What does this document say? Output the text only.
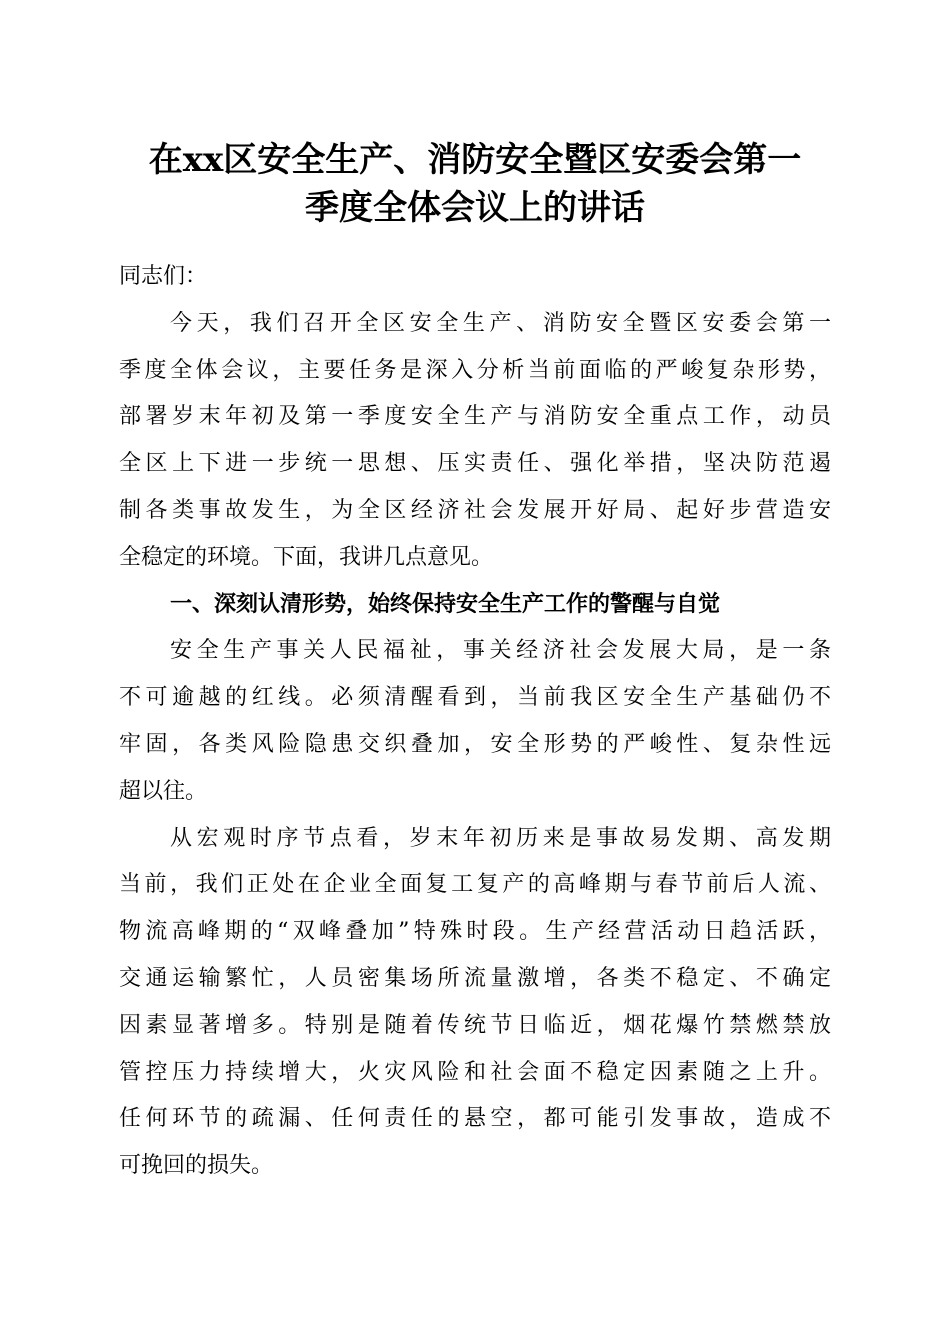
在xx区安全生产、消防安全暨区安委会第一
季度全体会议上的讲话
同志们：
今天，我们召开全区安全生产、消防安全暨区安委会第一
季度全体会议，主要任务是深入分析当前面临的严峻复杂形势，
部署岁末年初及第一季度安全生产与消防安全重点工作，动员
全区上下进一步统一思想、压实责任、强化举措，坚决防范遏
制各类事故发生，为全区经济社会发展开好局、起好步营造安
全稳定的环境。下面，我讲几点意见。
一、深刻认清形势，始终保持安全生产工作的警醒与自觉
安全生产事关人民福祉，事关经济社会发展大局，是一条
不可逾越的红线。必须清醒看到，当前我区安全生产基础仍不
牢固，各类风险隐患交织叠加，安全形势的严峻性、复杂性远
超以往。
从宏观时序节点看，岁末年初历来是事故易发期、高发期
当前，我们正处在企业全面复工复产的高峰期与春节前后人流、
物流高峰期的“双峰叠加”特殊时段。生产经营活动日趋活跃，
交通运输繁忙，人员密集场所流量激增，各类不稳定、不确定
因素显著增多。特别是随着传统节日临近，烟花爆竹禁燃禁放
管控压力持续增大，火灾风险和社会面不稳定因素随之上升。
任何环节的疏漏、任何责任的悬空，都可能引发事故，造成不
可挽回的损失。
